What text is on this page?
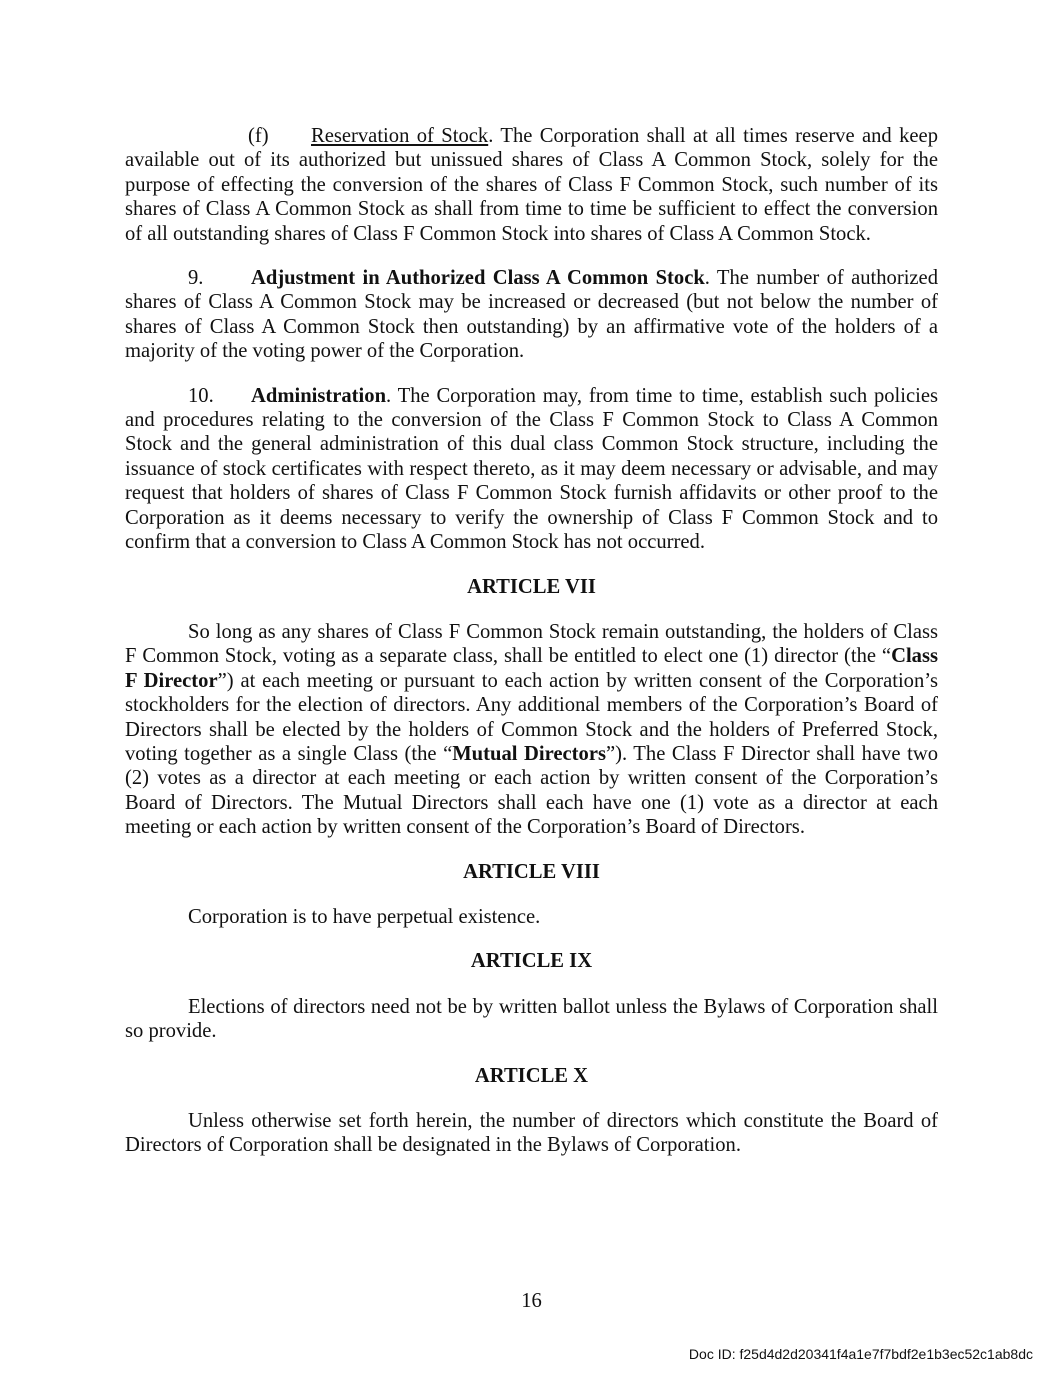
(f) Reservation of Stock. The Corporation shall at all times reserve and keep available out of its authorized but unissued shares of Class A Common Stock, solely for the purpose of effecting the conversion of the shares of Class F Common Stock, such number of its shares of Class A Common Stock as shall from time to time be sufficient to effect the conversion of all outstanding shares of Class F Common Stock into shares of Class A Common Stock.

9. Adjustment in Authorized Class A Common Stock. The number of authorized shares of Class A Common Stock may be increased or decreased (but not below the number of shares of Class A Common Stock then outstanding) by an affirmative vote of the holders of a majority of the voting power of the Corporation.

10. Administration. The Corporation may, from time to time, establish such policies and procedures relating to the conversion of the Class F Common Stock to Class A Common Stock and the general administration of this dual class Common Stock structure, including the issuance of stock certificates with respect thereto, as it may deem necessary or advisable, and may request that holders of shares of Class F Common Stock furnish affidavits or other proof to the Corporation as it deems necessary to verify the ownership of Class F Common Stock and to confirm that a conversion to Class A Common Stock has not occurred.

ARTICLE VII

So long as any shares of Class F Common Stock remain outstanding, the holders of Class F Common Stock, voting as a separate class, shall be entitled to elect one (1) director (the “Class F Director”) at each meeting or pursuant to each action by written consent of the Corporation’s stockholders for the election of directors. Any additional members of the Corporation’s Board of Directors shall be elected by the holders of Common Stock and the holders of Preferred Stock, voting together as a single Class (the “Mutual Directors”). The Class F Director shall have two (2) votes as a director at each meeting or each action by written consent of the Corporation’s Board of Directors. The Mutual Directors shall each have one (1) vote as a director at each meeting or each action by written consent of the Corporation’s Board of Directors.

ARTICLE VIII

Corporation is to have perpetual existence.

ARTICLE IX

Elections of directors need not be by written ballot unless the Bylaws of Corporation shall so provide.

ARTICLE X

Unless otherwise set forth herein, the number of directors which constitute the Board of Directors of Corporation shall be designated in the Bylaws of Corporation.

16
Doc ID: f25d4d2d20341f4a1e7f7bdf2e1b3ec52c1ab8dc
